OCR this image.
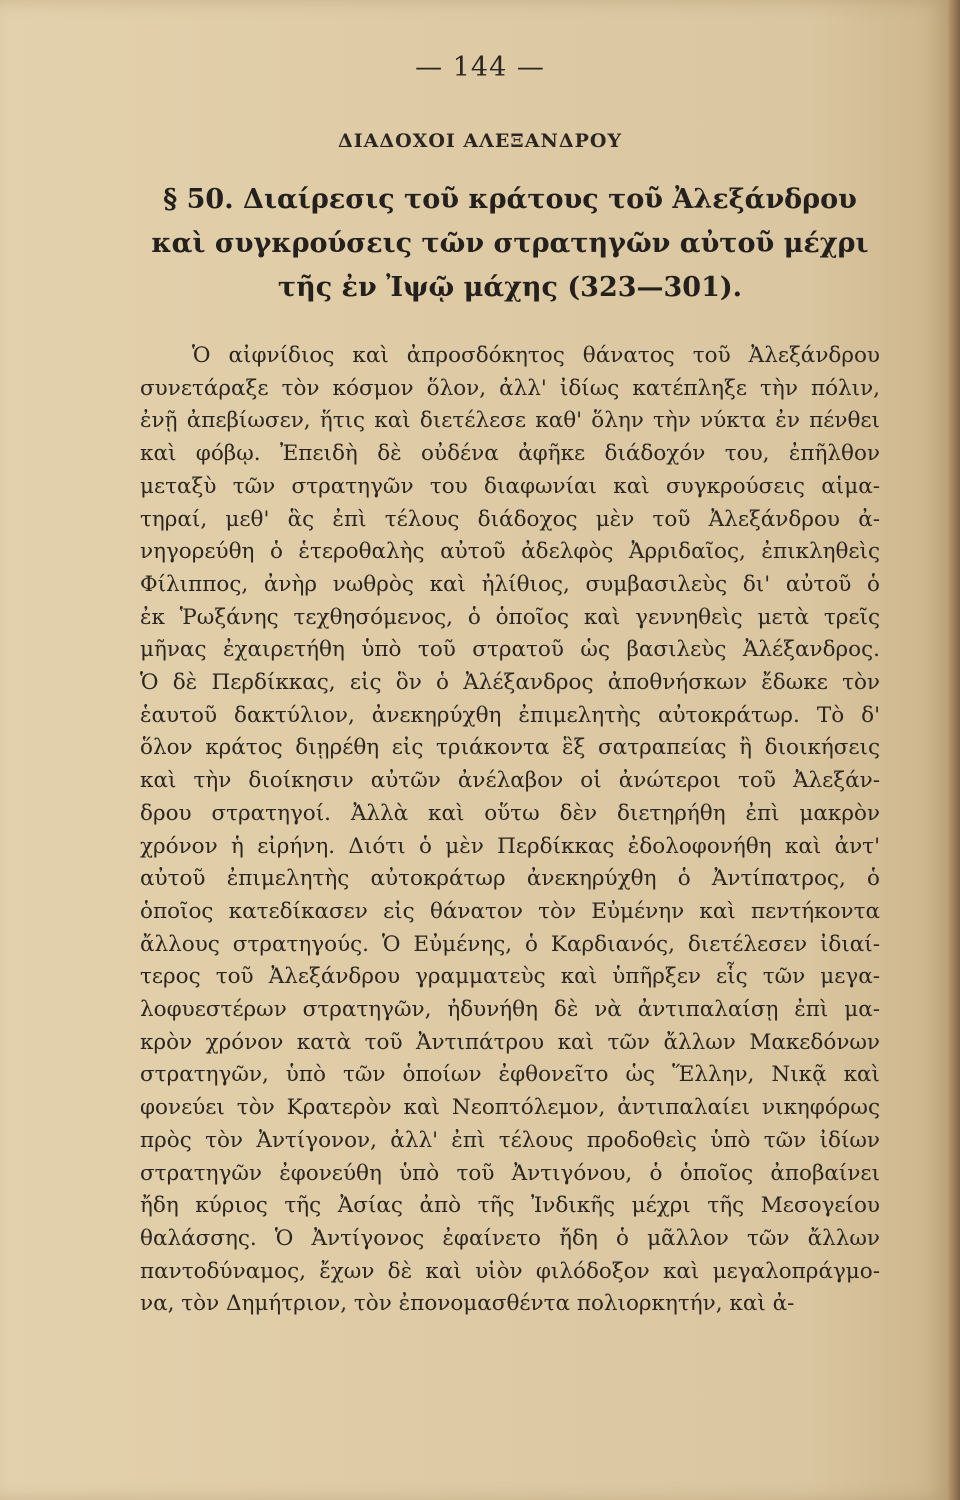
— 144 —
ΔΙΑΔΟΧΟΙ ΑΛΕΞΑΝΔΡΟΥ
§ 50. Διαίρεσις τοῦ κράτους τοῦ Ἀλεξάνδρου
καὶ συγκρούσεις τῶν στρατηγῶν αὐτοῦ μέχρι
τῆς ἐν Ἰψῷ μάχης (323—301).
Ὁ αἰφνίδιος καὶ ἀπροσδόκητος θάνατος τοῦ Ἀλεξάνδρου
συνετάραξε τὸν κόσμον ὅλον, ἀλλ' ἰδίως κατέπληξε τὴν πόλιν,
ἐνῇ ἀπεβίωσεν, ἥτις καὶ διετέλεσε καθ' ὅλην τὴν νύκτα ἐν πένθει
καὶ φόβῳ. Ἐπειδὴ δὲ οὐδένα ἀφῆκε διάδοχόν του, ἐπῆλθον
μεταξὺ τῶν στρατηγῶν του διαφωνίαι καὶ συγκρούσεις αἱμα-
τηραί, μεθ' ἃς ἐπὶ τέλους διάδοχος μὲν τοῦ Ἀλεξάνδρου ἀ-
νηγορεύθη ὁ ἑτεροθαλὴς αὐτοῦ ἀδελφὸς Ἀρριδαῖος, ἐπικληθεὶς
Φίλιππος, ἀνὴρ νωθρὸς καὶ ἠλίθιος, συμβασιλεὺς δι' αὐτοῦ ὁ
ἐκ Ῥωξάνης τεχθησόμενος, ὁ ὁποῖος καὶ γεννηθεὶς μετὰ τρεῖς
μῆνας ἐχαιρετήθη ὑπὸ τοῦ στρατοῦ ὡς βασιλεὺς Ἀλέξανδρος.
Ὁ δὲ Περδίκκας, εἰς ὃν ὁ Ἀλέξανδρος ἀποθνήσκων ἔδωκε τὸν
ἑαυτοῦ δακτύλιον, ἀνεκηρύχθη ἐπιμελητὴς αὐτοκράτωρ. Τὸ δ'
ὅλον κράτος διῃρέθη εἰς τριάκοντα ἓξ σατραπείας ἢ διοικήσεις
καὶ τὴν διοίκησιν αὐτῶν ἀνέλαβον οἱ ἀνώτεροι τοῦ Ἀλεξάν-
δρου στρατηγοί. Ἀλλὰ καὶ οὕτω δὲν διετηρήθη ἐπὶ μακρὸν
χρόνον ἡ εἰρήνη. Διότι ὁ μὲν Περδίκκας ἐδολοφονήθη καὶ ἀντ'
αὐτοῦ ἐπιμελητὴς αὐτοκράτωρ ἀνεκηρύχθη ὁ Ἀντίπατρος, ὁ
ὁποῖος κατεδίκασεν εἰς θάνατον τὸν Εὐμένην καὶ πεντήκοντα
ἄλλους στρατηγούς. Ὁ Εὐμένης, ὁ Καρδιανός, διετέλεσεν ἰδιαί-
τερος τοῦ Ἀλεξάνδρου γραμματεὺς καὶ ὑπῆρξεν εἷς τῶν μεγα-
λοφυεστέρων στρατηγῶν, ἠδυνήθη δὲ νὰ ἀντιπαλαίσῃ ἐπὶ μα-
κρὸν χρόνον κατὰ τοῦ Ἀντιπάτρου καὶ τῶν ἄλλων Μακεδόνων
στρατηγῶν, ὑπὸ τῶν ὁποίων ἐφθονεῖτο ὡς Ἕλλην, Νικᾷ καὶ
φονεύει τὸν Κρατερὸν καὶ Νεοπτόλεμον, ἀντιπαλαίει νικηφόρως
πρὸς τὸν Ἀντίγονον, ἀλλ' ἐπὶ τέλους προδοθεὶς ὑπὸ τῶν ἰδίων
στρατηγῶν ἐφονεύθη ὑπὸ τοῦ Ἀντιγόνου, ὁ ὁποῖος ἀποβαίνει
ἤδη κύριος τῆς Ἀσίας ἀπὸ τῆς Ἰνδικῆς μέχρι τῆς Μεσογείου
θαλάσσης. Ὁ Ἀντίγονος ἐφαίνετο ἤδη ὁ μᾶλλον τῶν ἄλλων
παντοδύναμος, ἔχων δὲ καὶ υἱὸν φιλόδοξον καὶ μεγαλοπράγμο-
να, τὸν Δημήτριον, τὸν ἐπονομασθέντα πολιορκητήν, καὶ ἀ-
